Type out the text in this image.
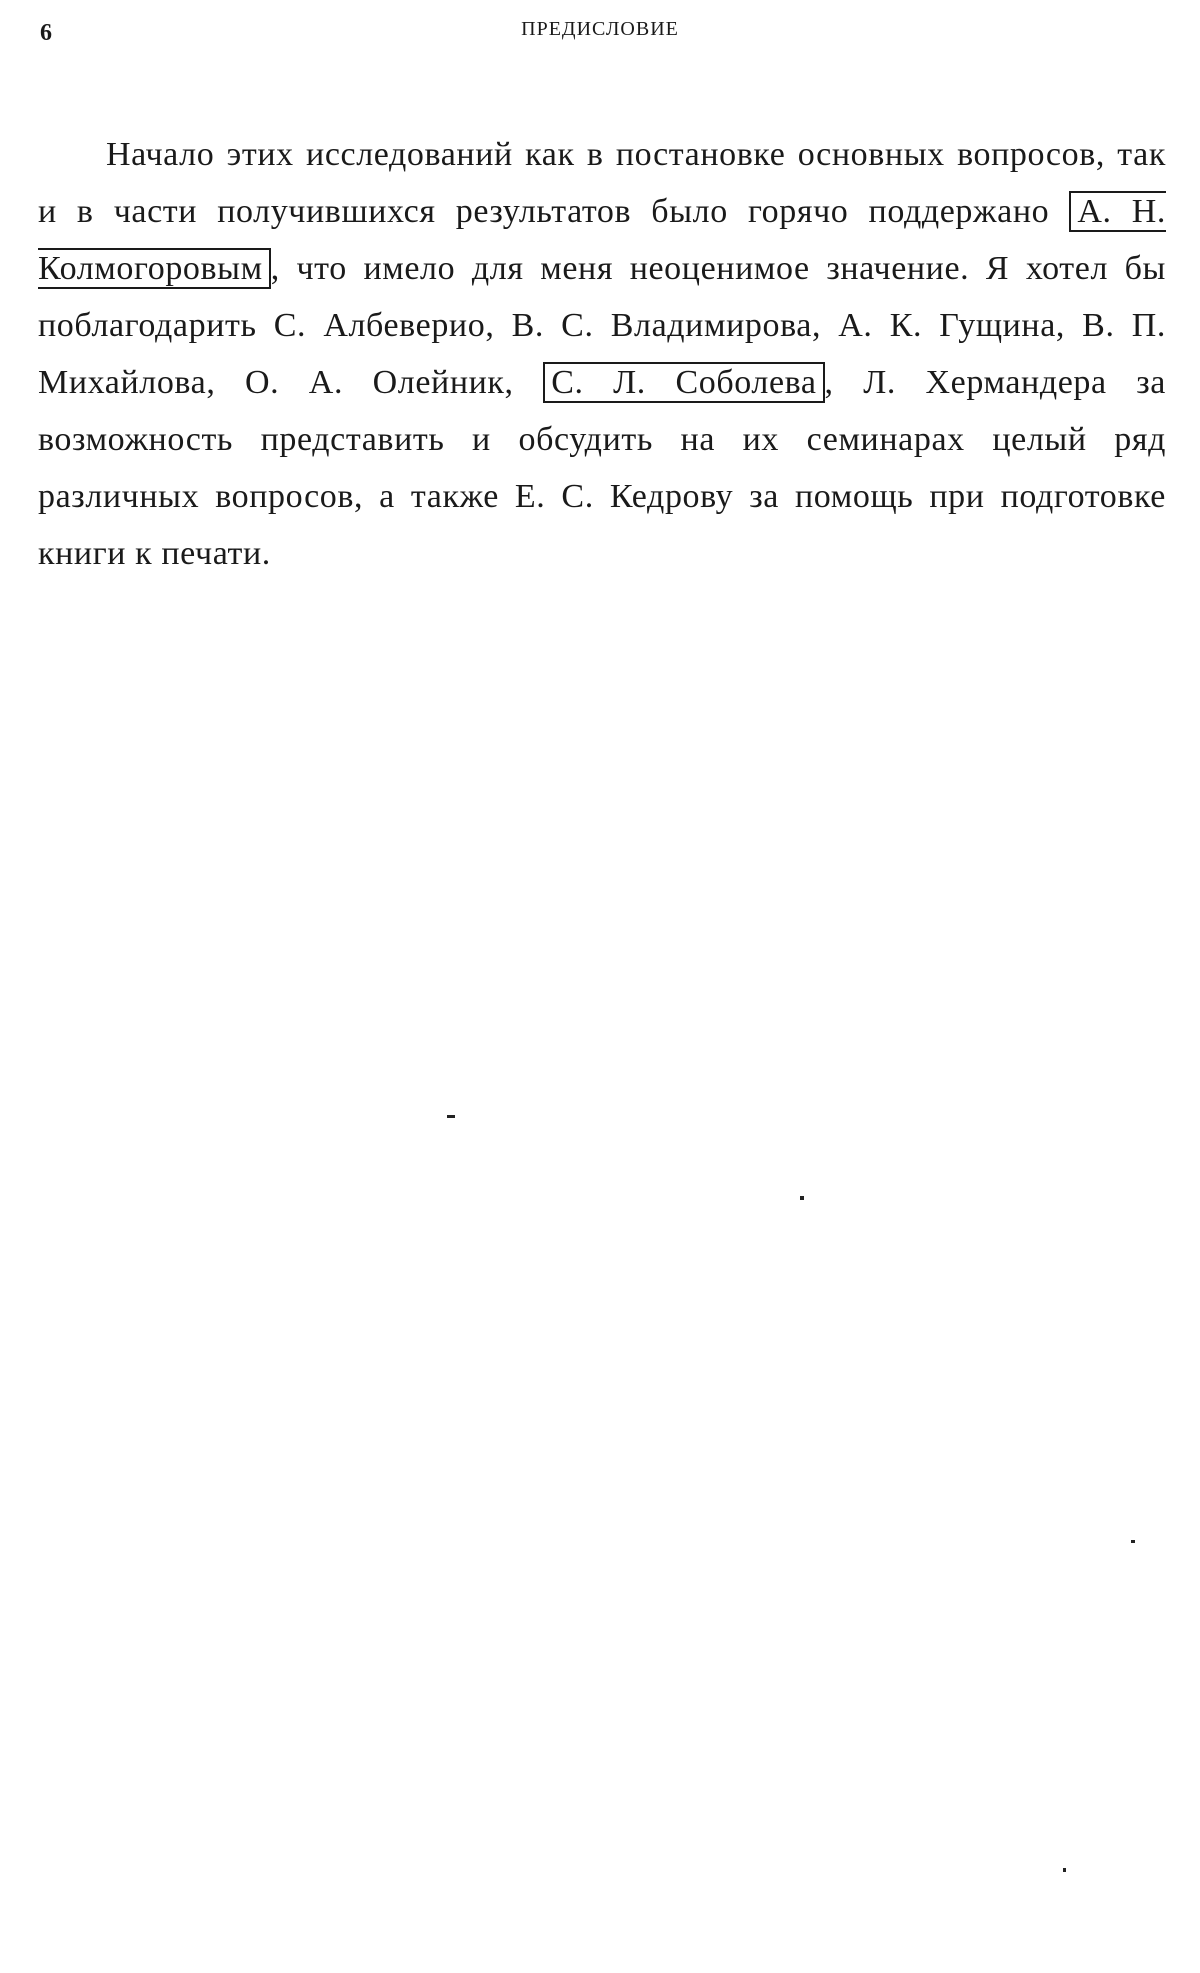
6	ПРЕДИСЛОВИЕ

Начало этих исследований как в постановке основных вопросов, так и в части получившихся результатов было горячо поддержано А. Н. Колмогоровым , что имело для меня неоценимое значение. Я хотел бы поблагодарить С. Албеверио, В. С. Владимирова, А. К. Гущина, В. П. Михайлова, О. А. Олейник, С. Л. Соболева , Л. Хермандера за возможность представить и обсудить на их семинарах целый ряд различных вопросов, а также Е. С. Кедрову за помощь при подготовке книги к печати.
